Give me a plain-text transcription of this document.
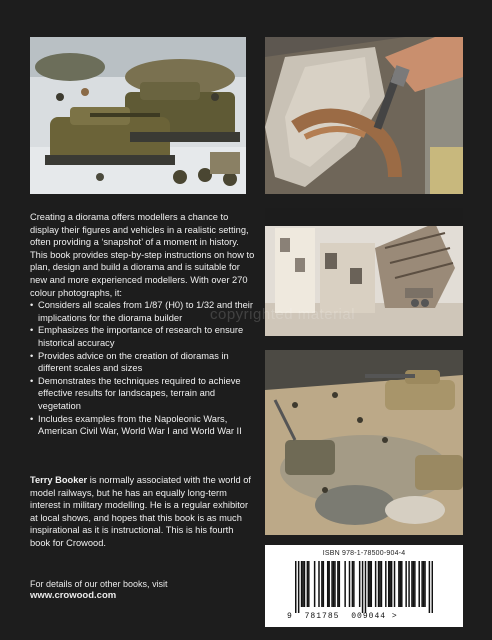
copyrighted material

Creating a diorama offers modellers a chance to display their figures and vehicles in a realistic setting, often providing a ‘snapshot’ of a moment in history. This book provides step-by-step instructions on how to plan, design and build a diorama and is suitable for new and more experienced modellers. With over 270 colour photographs, it:

• Considers all scales from 1/87 (H0) to 1/32 and their implications for the diorama builder
• Emphasizes the importance of research to ensure historical accuracy
• Provides advice on the creation of dioramas in different scales and sizes
• Demonstrates the techniques required to achieve effective results for landscapes, terrain and vegetation
• Includes examples from the Napoleonic Wars, American Civil War, World War I and World War II
Terry Booker is normally associated with the world of model railways, but he has an equally long-term interest in military modelling. He is a regular exhibitor at local shows, and hopes that this book is as much inspirational as it is instructional. This is his fourth book for Crowood.
For details of our other books, visit
www.crowood.com
ISBN 978-1-78500-904-4
9 781785 009044 >
